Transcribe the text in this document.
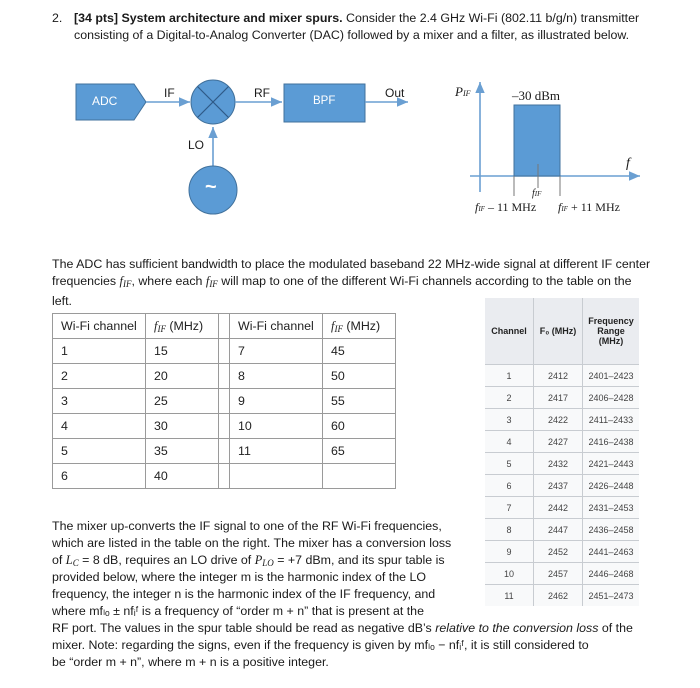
2. [34 pts] System architecture and mixer spurs. Consider the 2.4 GHz Wi-Fi (802.11 b/g/n) transmitter consisting of a Digital-to-Analog Converter (DAC) followed by a mixer and a filter, as illustrated below.
ADC
IF	RF
BPF
Out
LO
~
PIF	–30 dBm
f
fIF
fIF – 11 MHz fIF + 11 MHz
The ADC has sufficient bandwidth to place the modulated baseband 22 MHz-wide signal at different IF center frequencies $f_{IF}$, where each $f_{IF}$ will map to one of the different Wi-Fi channels according to the table on the left.
Wi-Fi channel	$f_{IF}$ (MHz)		Wi-Fi channel	$f_{IF}$ (MHz)
1	15		7	45
2	20		8	50
3	25		9	55
4	30		10	60
5	35		11	65
6	40			
Channel	F₀ (MHz)	Frequency Range (MHz)
1	2412	2401–2423
2	2417	2406–2428
3	2422	2411–2433
4	2427	2416–2438
5	2432	2421–2443
6	2437	2426–2448
7	2442	2431–2453
8	2447	2436–2458
9	2452	2441–2463
10	2457	2446–2468
11	2462	2451–2473
The mixer up-converts the IF signal to one of the RF Wi-Fi frequencies,
which are listed in the table on the right. The mixer has a conversion loss
of $L_C = 8$ dB, requires an LO drive of $P_{LO} = +7$ dBm, and its spur table is
provided below, where the integer m is the harmonic index of the LO
frequency, the integer n is the harmonic index of the IF frequency, and
where mfₗₒ ± nfᵢᶠ is a frequency of “order m + n” that is present at the
RF port. The values in the spur table should be read as negative dB’s relative to the conversion loss of the
mixer. Note: regarding the signs, even if the frequency is given by mfₗₒ − nfᵢᶠ, it is still considered to
be “order m + n”, where m + n is a positive integer.
